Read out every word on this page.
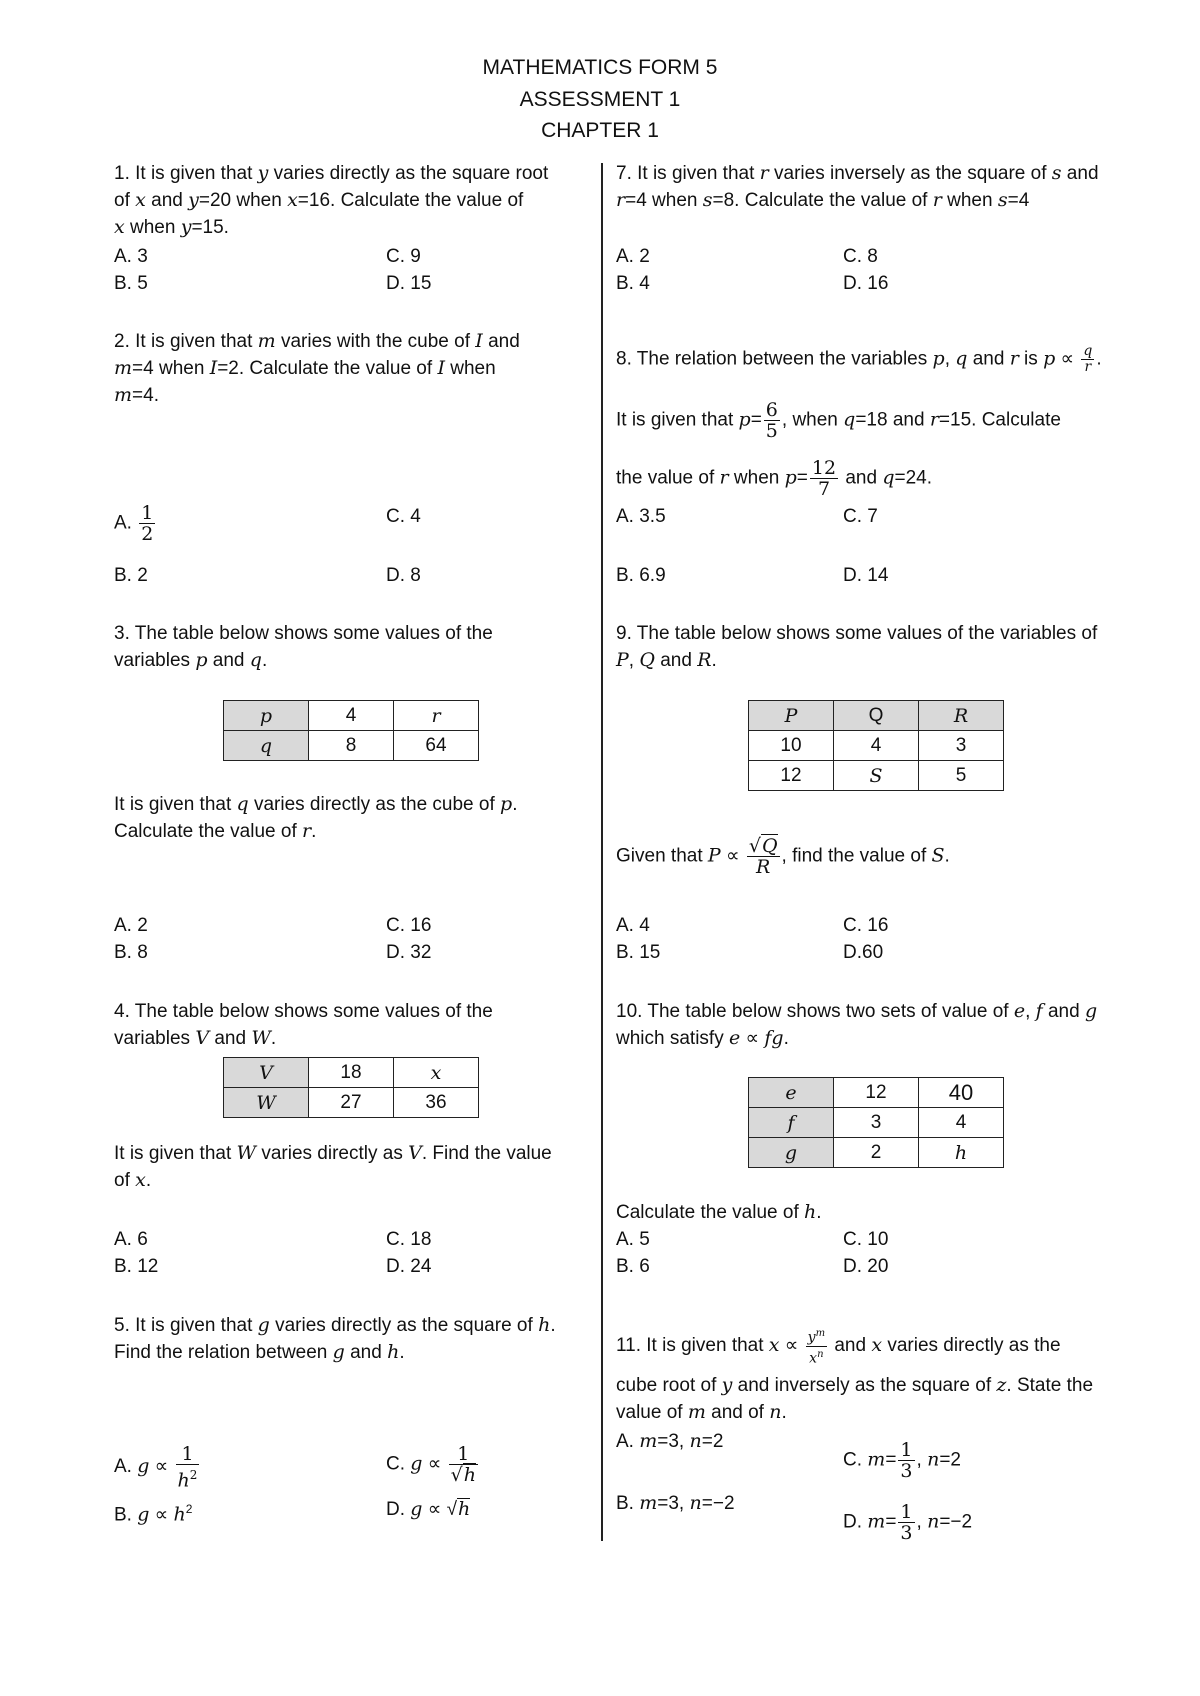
MATHEMATICS FORM 5
ASSESSMENT 1
CHAPTER 1
1. It is given that y varies directly as the square root
of x and y=20 when x=16. Calculate the value of
x when y=15.
A. 3	C. 9
B. 5	D. 15
2. It is given that m varies with the cube of I and
m=4 when I=2. Calculate the value of I when
m=4.
A. $\frac{1}{2}$	C. 4
B. 2	D. 8
3. The table below shows some values of the
variables p and q.
p	4	r
q	8	64
It is given that q varies directly as the cube of p.
Calculate the value of r.
A. 2	C. 16
B. 8	D. 32
4. The table below shows some values of the
variables V and W.
V	18	x
W	27	36
It is given that W varies directly as V. Find the value
of x.
A. 6	C. 18
B. 12	D. 24
5. It is given that g varies directly as the square of h.
Find the relation between g and h.
A. $g \propto \frac{1}{h^2}$	C. $g \propto \frac{1}{√h}$
B. $g \propto h^2$	D. g ∝ √h
7. It is given that r varies inversely as the square of s and
r=4 when s=8. Calculate the value of r when s=4
A. 2	C. 8
B. 4	D. 16
8. The relation between the variables p, q and r is $p \propto \frac{q}{r}$ .
It is given that $p= \frac{6}{5}$ , when q=18 and r=15. Calculate
the value of r when $p= \frac{12}{7}$ and q=24.
A. 3.5	C. 7
B. 6.9	D. 14
9. The table below shows some values of the variables of
P, Q and R.
P	Q	R
10	4	3
12	S	5
Given that $P \propto \frac{√Q}{R}$ , find the value of S.
A. 4	C. 16
B. 15	D.60
10. The table below shows two sets of value of e, f and g
which satisfy e ∝ fg.
e	12	40
f	3	4
g	2	h
Calculate the value of h.
A. 5	C. 10
B. 6	D. 20
11. It is given that $x \propto \frac{y^m}{x^n}$ and x varies directly as the
cube root of y and inversely as the square of z. State the
value of m and of n.
A. m=3, n=2
C. $m= \frac{1}{3}$ , n=2
B. m=3, n=−2
D. $m= \frac{1}{3}$ , n=−2
